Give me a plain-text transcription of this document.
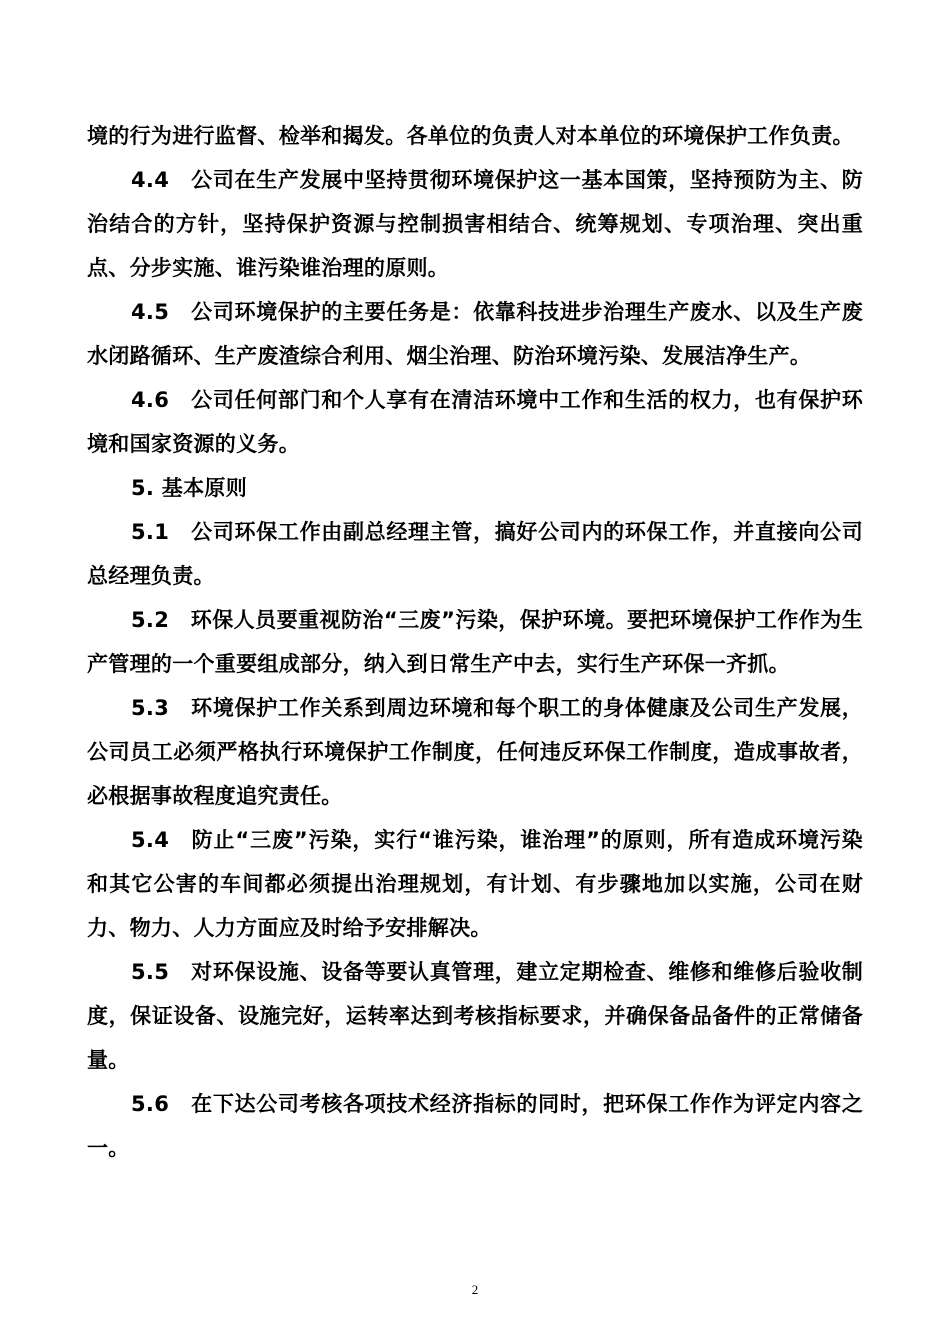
境的行为进行监督、检举和揭发。各单位的负责人对本单位的环境保护工作负责。

4.4　公司在生产发展中坚持贯彻环境保护这一基本国策，坚持预防为主、防治结合的方针，坚持保护资源与控制损害相结合、统筹规划、专项治理、突出重点、分步实施、谁污染谁治理的原则。

4.5　公司环境保护的主要任务是：依靠科技进步治理生产废水、以及生产废水闭路循环、生产废渣综合利用、烟尘治理、防治环境污染、发展洁净生产。

4.6　公司任何部门和个人享有在清洁环境中工作和生活的权力，也有保护环境和国家资源的义务。

5. 基本原则

5.1　公司环保工作由副总经理主管，搞好公司内的环保工作，并直接向公司总经理负责。

5.2　环保人员要重视防治“三废”污染，保护环境。要把环境保护工作作为生产管理的一个重要组成部分，纳入到日常生产中去，实行生产环保一齐抓。

5.3　环境保护工作关系到周边环境和每个职工的身体健康及公司生产发展，公司员工必须严格执行环境保护工作制度，任何违反环保工作制度，造成事故者，必根据事故程度追究责任。

5.4　防止“三废”污染，实行“谁污染，谁治理”的原则，所有造成环境污染和其它公害的车间都必须提出治理规划，有计划、有步骤地加以实施，公司在财力、物力、人力方面应及时给予安排解决。

5.5　对环保设施、设备等要认真管理，建立定期检查、维修和维修后验收制度，保证设备、设施完好，运转率达到考核指标要求，并确保备品备件的正常储备量。

5.6　在下达公司考核各项技术经济指标的同时，把环保工作作为评定内容之一。

2
